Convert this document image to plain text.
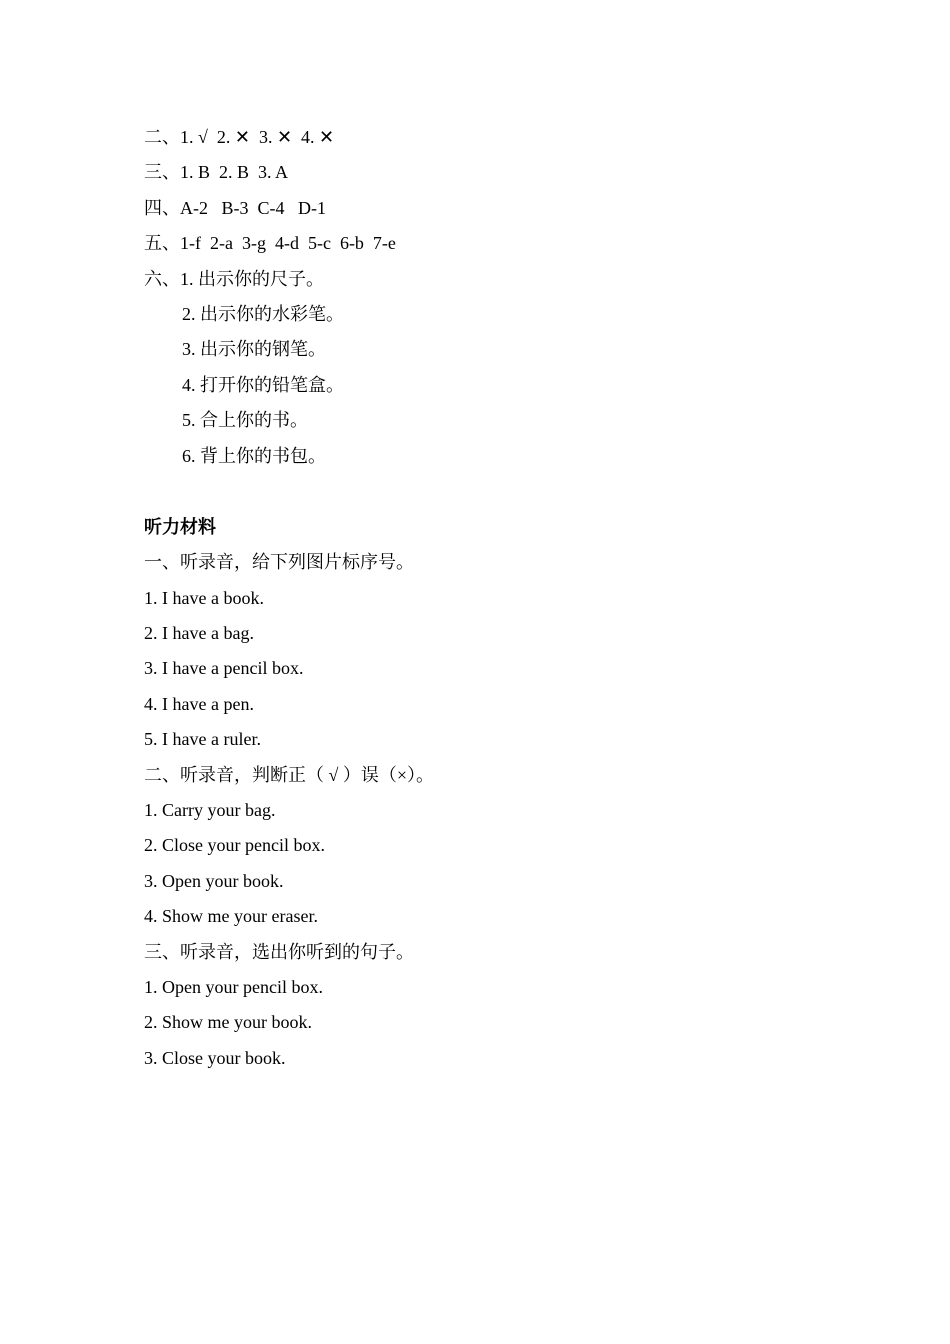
二、1. √  2. ✕  3. ✕  4. ✕
三、1. B  2. B  3. A
四、A-2   B-3  C-4   D-1
五、1-f  2-a  3-g  4-d  5-c  6-b  7-e
六、1. 出示你的尺子。
2. 出示你的水彩笔。
3. 出示你的钢笔。
4. 打开你的铅笔盒。
5. 合上你的书。
6. 背上你的书包。
听力材料
一、听录音，给下列图片标序号。
1. I have a book.
2. I have a bag.
3. I have a pencil box.
4. I have a pen.
5. I have a ruler.
二、听录音，判断正（ √ ）误（×）。
1. Carry your bag.
2. Close your pencil box.
3. Open your book.
4. Show me your eraser.
三、听录音，选出你听到的句子。
1. Open your pencil box.
2. Show me your book.
3. Close your book.
